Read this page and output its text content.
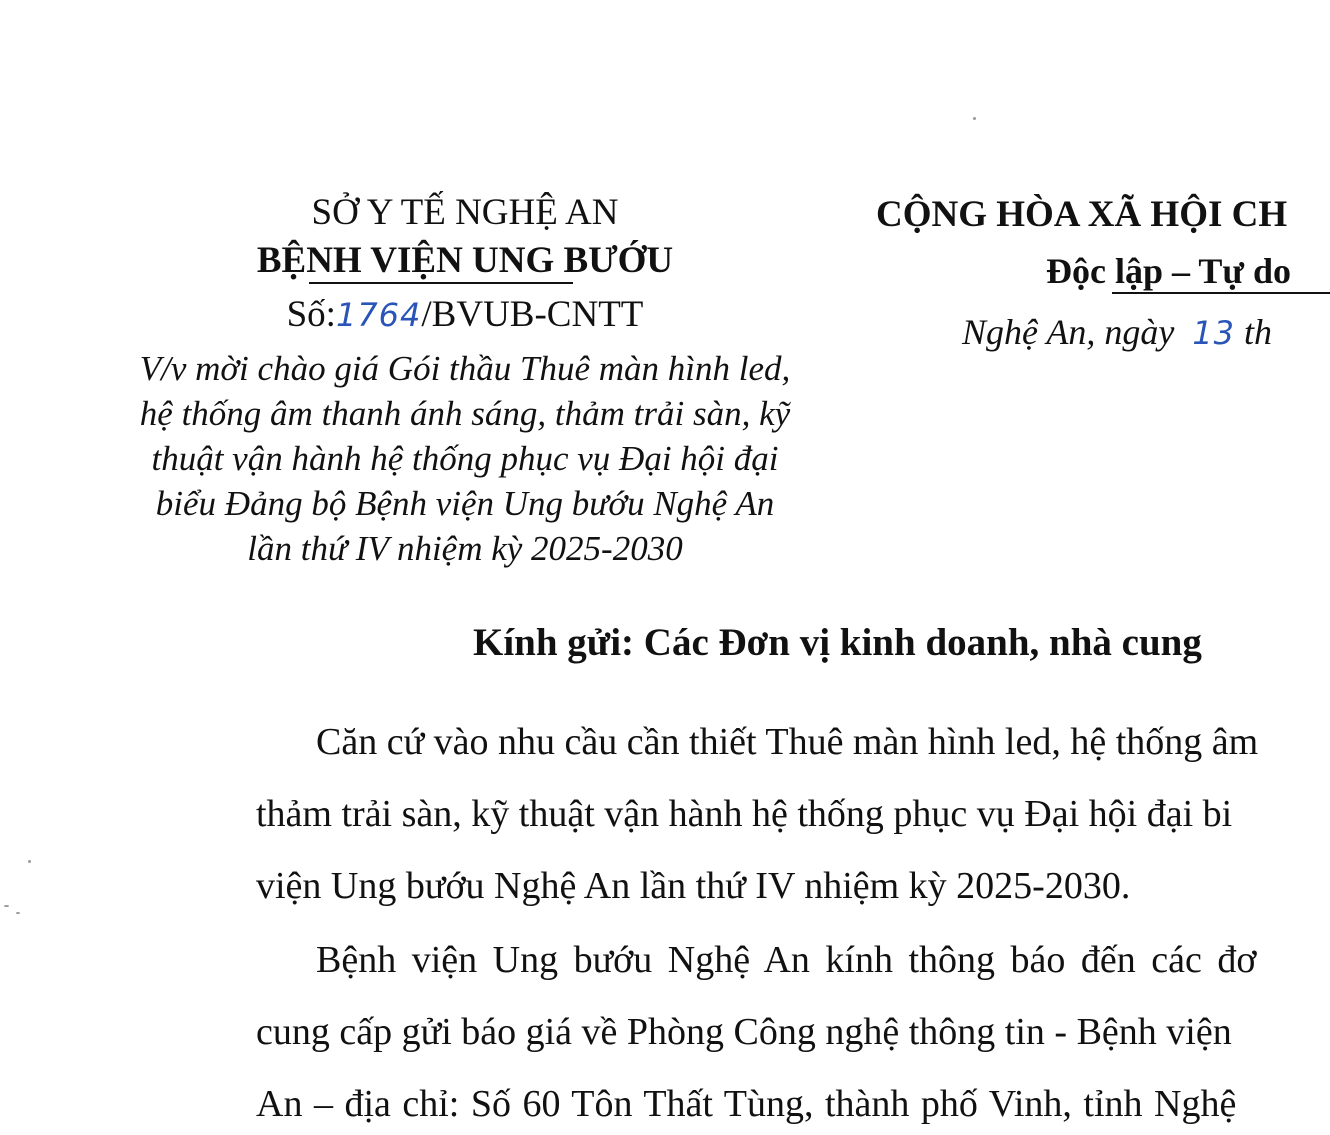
SỞ Y TẾ NGHỆ AN
BỆNH VIỆN UNG BƯỚU
Số:1764/BVUB-CNTT
V/v mời chào giá Gói thầu Thuê màn hình led,
hệ thống âm thanh ánh sáng, thảm trải sàn, kỹ
thuật vận hành hệ thống phục vụ Đại hội đại
biểu Đảng bộ Bệnh viện Ung bướu Nghệ An
lần thứ IV nhiệm kỳ 2025-2030
CỘNG HÒA XÃ HỘI CH
Độc lập – Tự do
Nghệ An, ngày 13 th
Kính gửi: Các Đơn vị kinh doanh, nhà cung
Căn cứ vào nhu cầu cần thiết Thuê màn hình led, hệ thống âm
thảm trải sàn, kỹ thuật vận hành hệ thống phục vụ Đại hội đại bi
viện Ung bướu Nghệ An lần thứ IV nhiệm kỳ 2025-2030.
Bệnh viện Ung bướu Nghệ An kính thông báo đến các đơ
cung cấp gửi báo giá về Phòng Công nghệ thông tin - Bệnh viện
An – địa chỉ: Số 60 Tôn Thất Tùng, thành phố Vinh, tỉnh Nghệ
